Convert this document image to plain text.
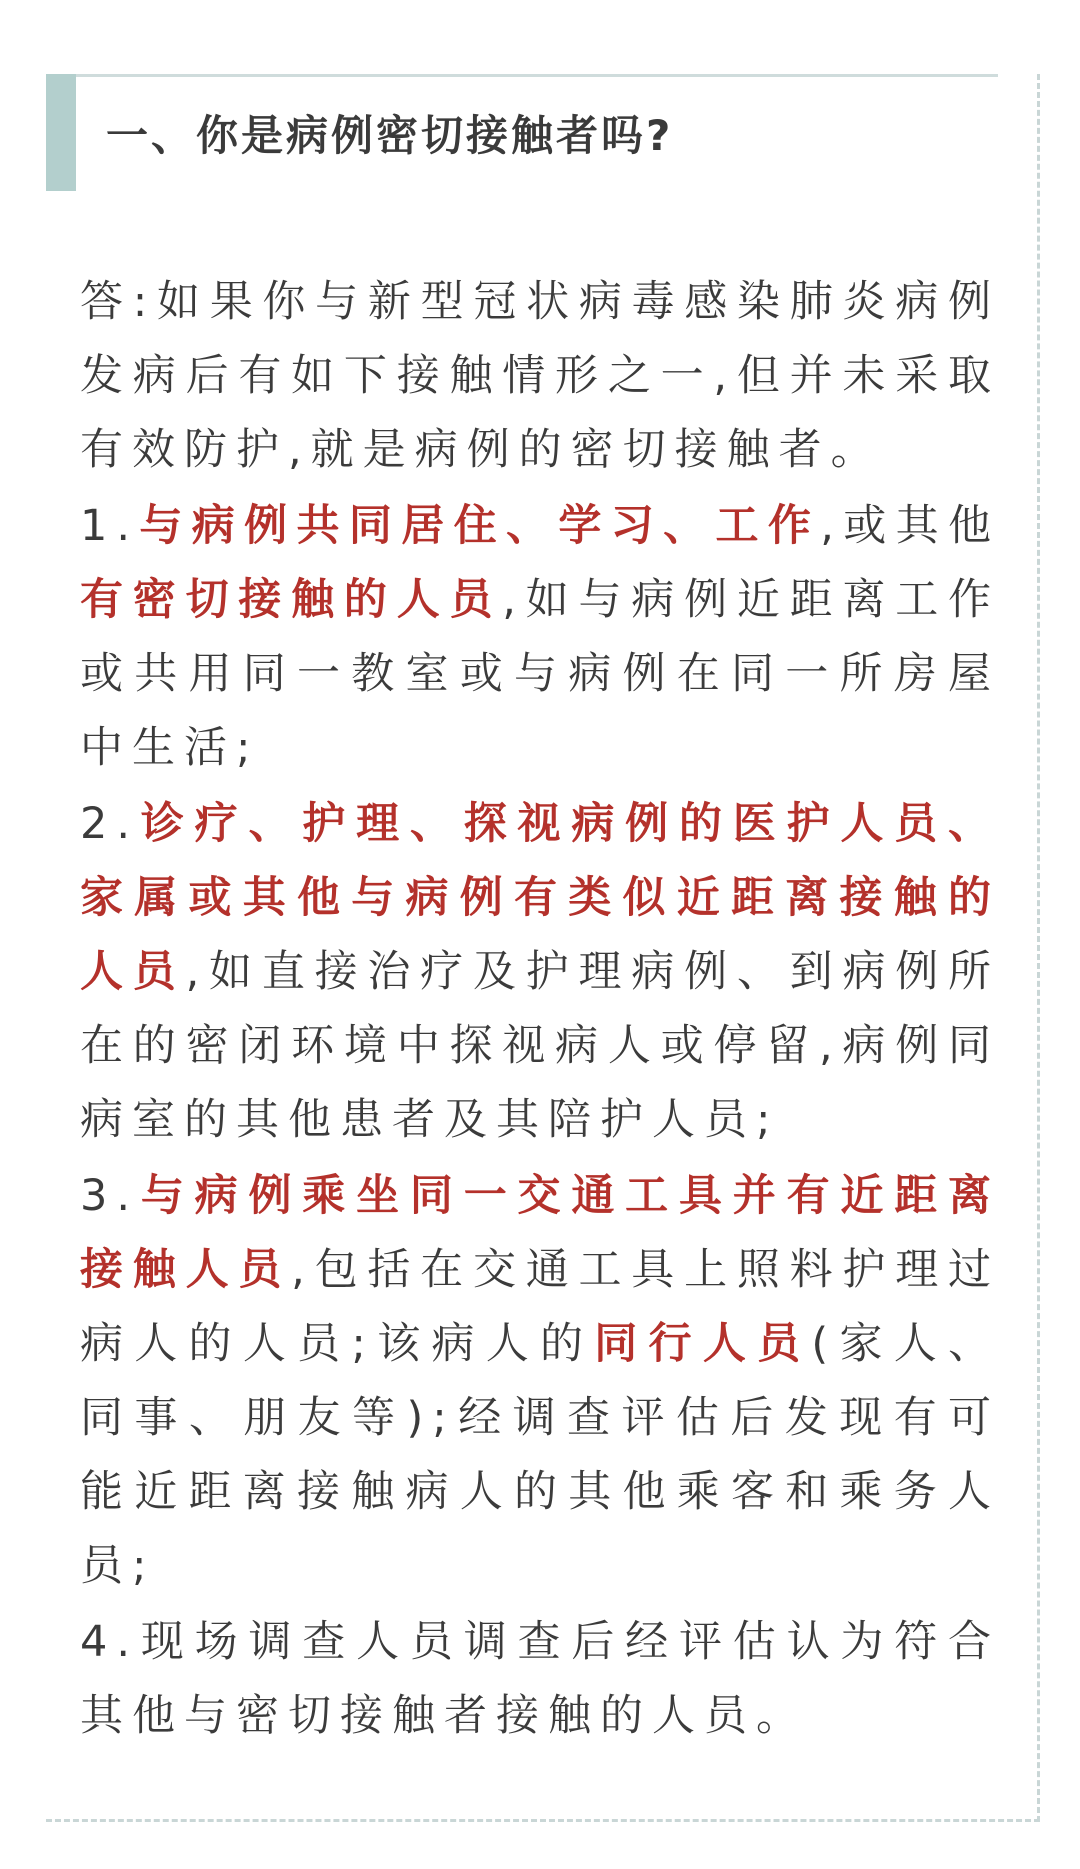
一、你是病例密切接触者吗?

答:如果你与新型冠状病毒感染肺炎病例发病后有如下接触情形之一,但并未采取有效防护,就是病例的密切接触者。

1.与病例共同居住、学习、工作,或其他有密切接触的人员,如与病例近距离工作或共用同一教室或与病例在同一所房屋中生活;

2.诊疗、护理、探视病例的医护人员、家属或其他与病例有类似近距离接触的人员,如直接治疗及护理病例、到病例所在的密闭环境中探视病人或停留,病例同病室的其他患者及其陪护人员;

3.与病例乘坐同一交通工具并有近距离接触人员,包括在交通工具上照料护理过病人的人员;该病人的同行人员(家人、同事、朋友等);经调查评估后发现有可能近距离接触病人的其他乘客和乘务人员;

4.现场调查人员调查后经评估认为符合其他与密切接触者接触的人员。
